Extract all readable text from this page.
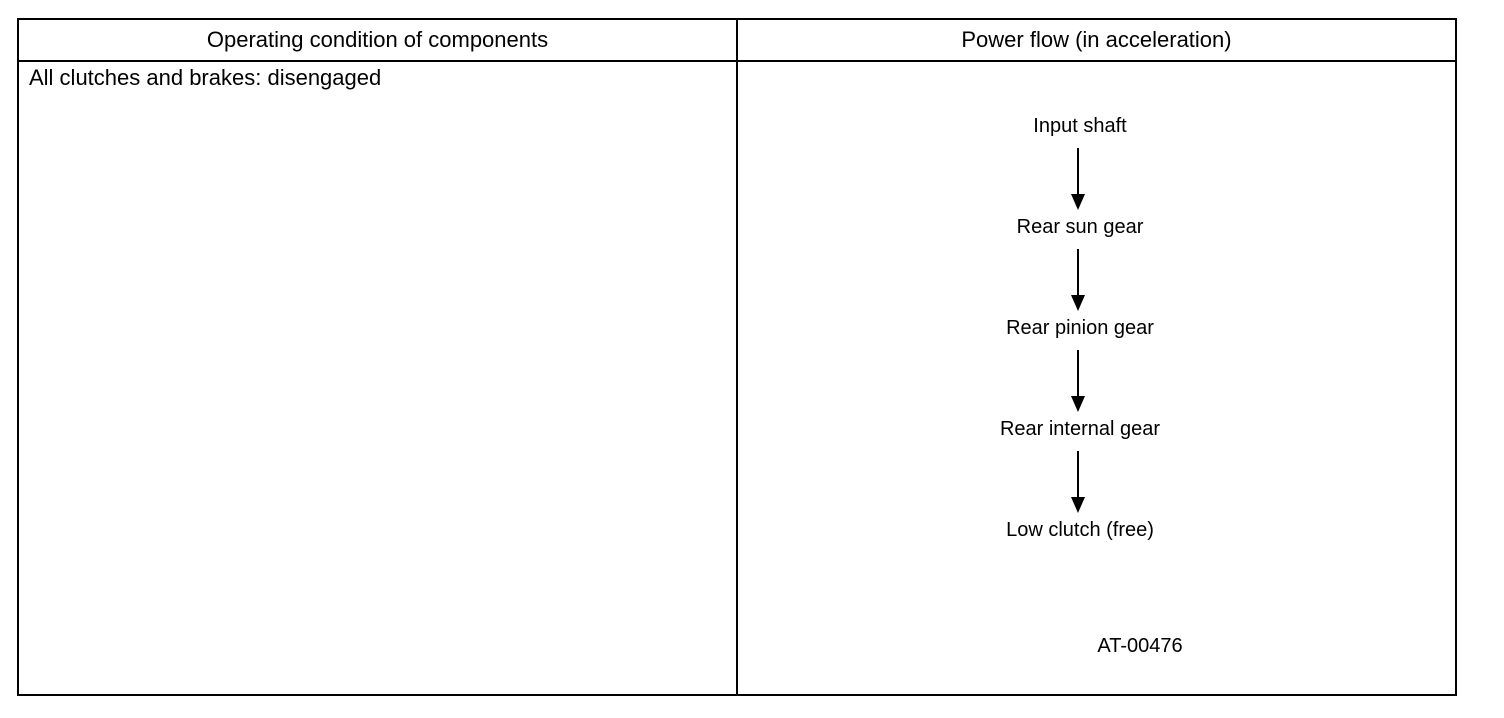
Operating condition of components	Power flow (in acceleration)
All clutches and brakes: disengaged
Input shaft
Rear sun gear
Rear pinion gear
Rear internal gear
Low clutch (free)
AT-00476
